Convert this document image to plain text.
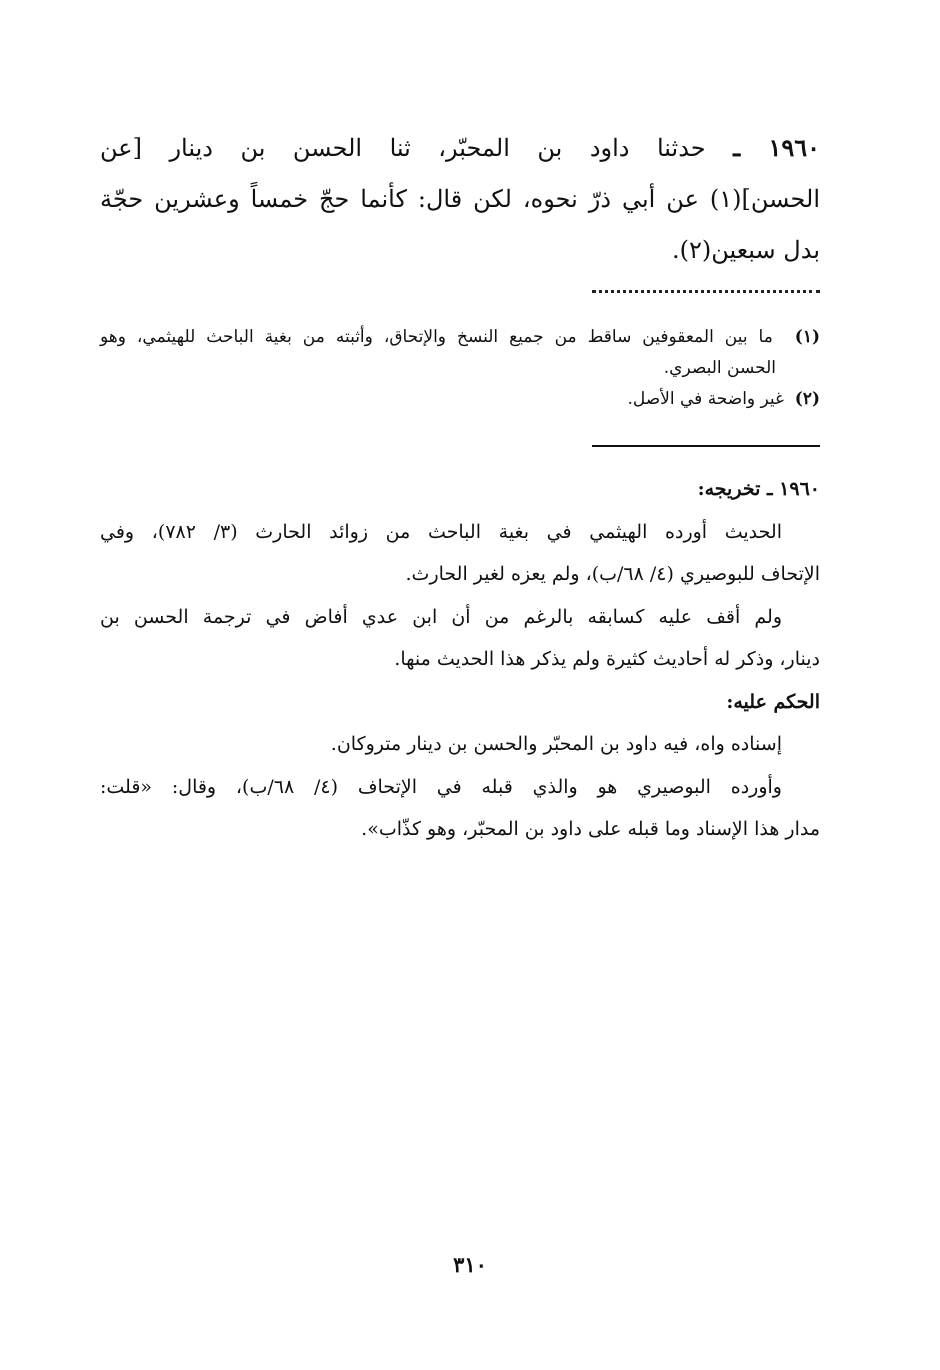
١٩٦٠ ـ حدثنا داود بن المحبّر، ثنا الحسن بن دينار [عن
الحسن](١) عن أبي ذرّ نحوه، لكن قال: كأنما حجّ خمساً وعشرين حجّة
بدل سبعين(٢).
(١)  ما بين المعقوفين ساقط من جميع النسخ والإتحاق، وأثبته من بغية الباحث للهيثمي، وهو
الحسن البصري.
(٢)  غير واضحة في الأصل.
١٩٦٠ ـ تخريجه:
الحديث أورده الهيثمي في بغية الباحث من زوائد الحارث (٣/ ٧٨٢)، وفي
الإتحاف للبوصيري (٤/ ٦٨/ب)، ولم يعزه لغير الحارث.
ولم أقف عليه كسابقه بالرغم من أن ابن عدي أفاض في ترجمة الحسن بن
دينار، وذكر له أحاديث كثيرة ولم يذكر هذا الحديث منها.
الحكم عليه:
إسناده واه، فيه داود بن المحبّر والحسن بن دينار متروكان.
وأورده البوصيري هو والذي قبله في الإتحاف (٤/ ٦٨/ب)، وقال: «قلت:
مدار هذا الإسناد وما قبله على داود بن المحبّر، وهو كذّاب».
٣١٠
